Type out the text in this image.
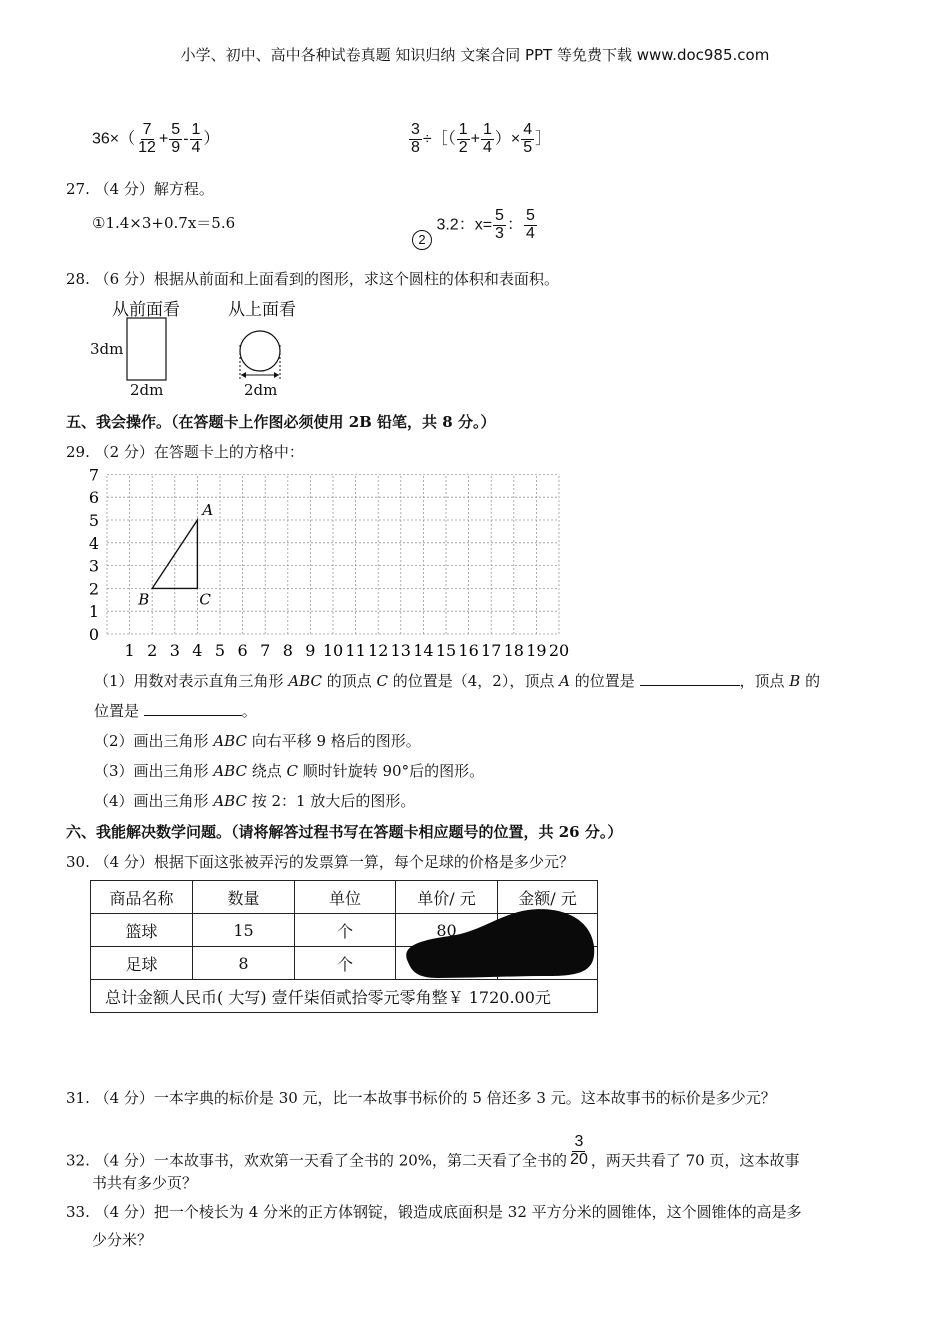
小学、初中、高中各种试卷真题 知识归纳 文案合同 PPT 等免费下载 www.doc985.com
$36\times( \frac{7}{12} + \frac{5}{9} - \frac{1}{4}$ ）	$\frac{3}{8}$ ÷［（ $\frac{1}{2} + \frac{1}{4}$ ）× $\frac{4}{5}$ ］
27. （4 分）解方程。
①1.4×3+0.7x＝5.6
2 3.2：$x= \frac{5}{3}$ ： $\frac{5}{4}$
28. （6 分）根据从前面和上面看到的图形，求这个圆柱的体积和表面积。
从前面看	从上面看
3dm
2dm	2dm
五、我会操作。（在答题卡上作图必须使用 2B 铅笔，共 8 分。）
29. （2 分）在答题卡上的方格中：
1 2 3 4 5 6 7 8 9 10 11 12 13 14 15 16 17 18 19 20
0
1
2
3
4
5
6
7
A
B	C
（1）用数对表示直角三角形 ABC 的顶点 C 的位置是（4，2），顶点 A 的位置是	，顶点 B 的
位置是	。
（2）画出三角形 ABC 向右平移 9 格后的图形。
（3）画出三角形 ABC 绕点 C 顺时针旋转 90°后的图形。
（4）画出三角形 ABC 按 2：1 放大后的图形。
六、我能解决数学问题。（请将解答过程书写在答题卡相应题号的位置，共 26 分。）
30. （4 分）根据下面这张被弄污的发票算一算，每个足球的价格是多少元？
商品名称	数量	单位	单价/ 元	金额/ 元
篮球	15	个	80	
足球	8	个		
总计金额人民币( 大写) 壹仟柒佰贰拾零元零角整￥ 1720.00元				
31. （4 分）一本字典的标价是 30 元，比一本故事书标价的 5 倍还多 3 元。这本故事书的标价是多少元？
32. （4 分）一本故事书，欢欢第一天看了全书的 20%，第二天看了全书的 $\frac{3}{20}$ ，两天共看了 70 页，这本故事
书共有多少页？
33. （4 分）把一个棱长为 4 分米的正方体钢锭，锻造成底面积是 32 平方分米的圆锥体，这个圆锥体的高是多
少分米？
